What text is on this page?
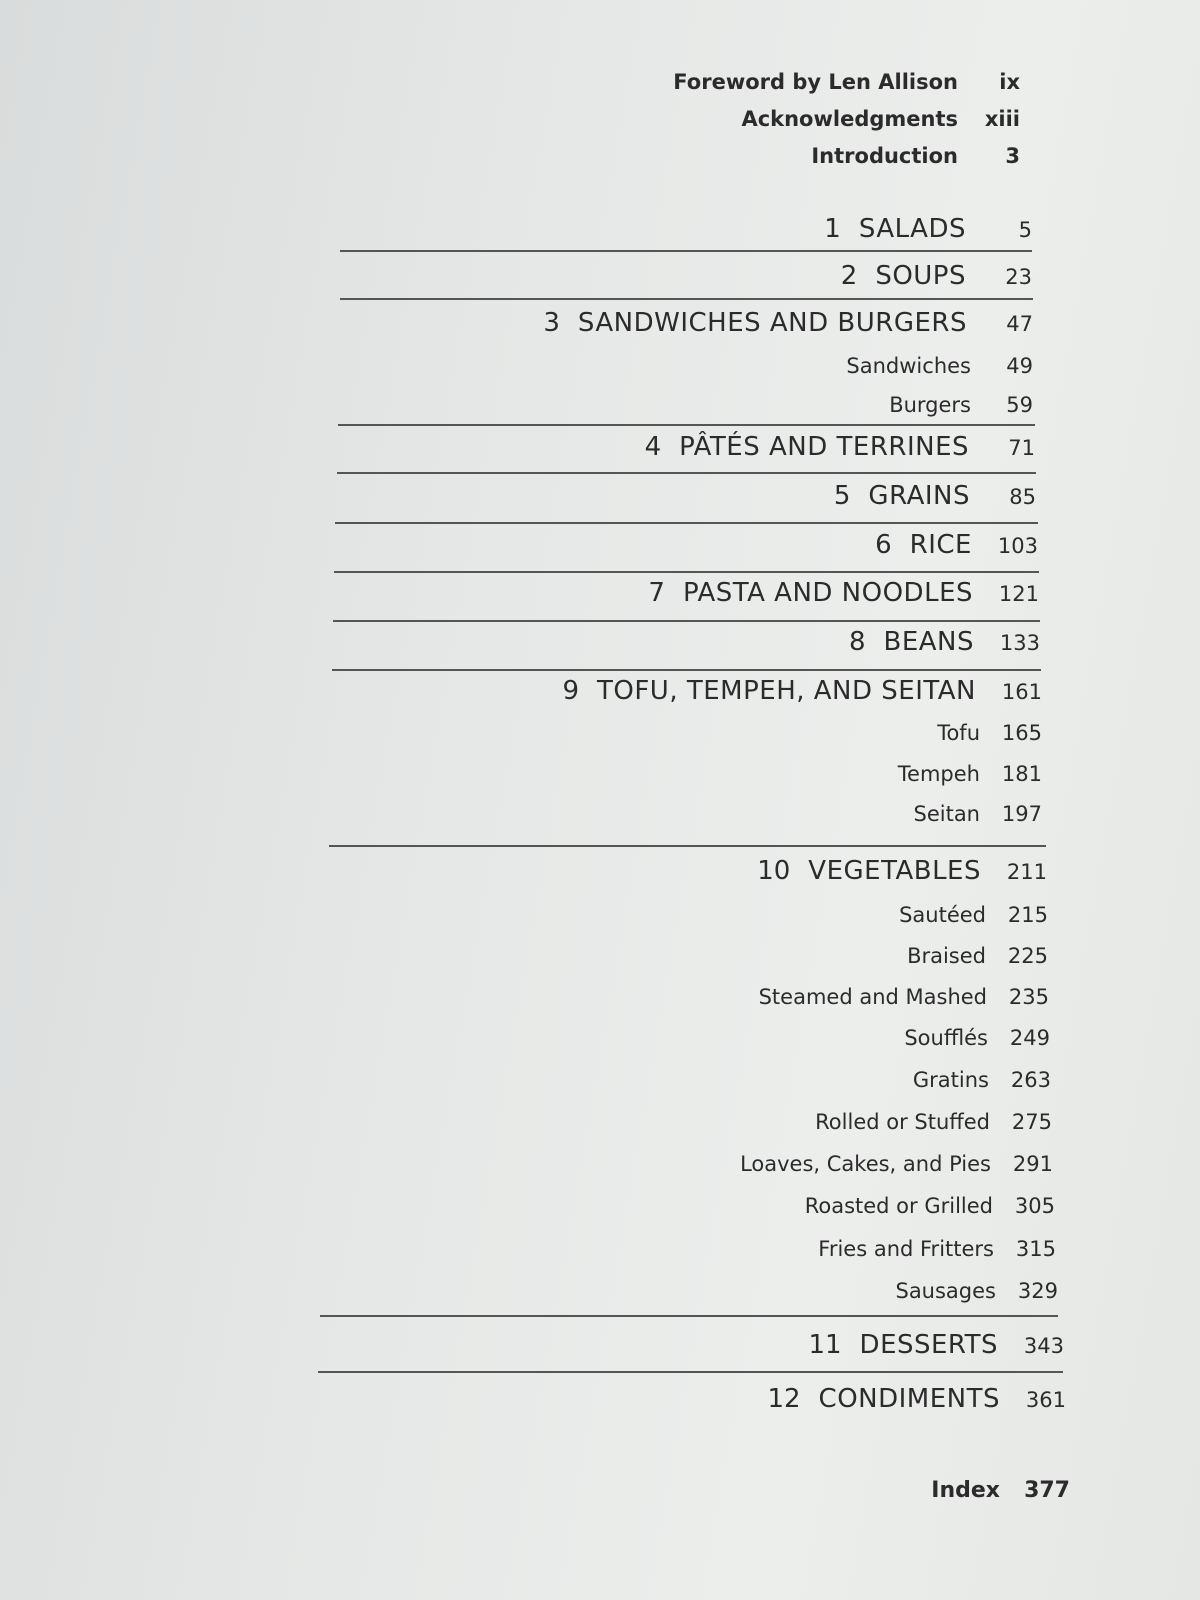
Foreword by Len Allison	ix
Acknowledgments xiii
Introduction	3
1 SALADS	5
2 SOUPS	23
3 SANDWICHES AND BURGERS	47
Sandwiches	49
Burgers	59
4 PÂTÉS AND TERRINES	71
5 GRAINS	85
6 RICE	103
7 PASTA AND NOODLES	121
8 BEANS	133
9 TOFU, TEMPEH, AND SEITAN	161
Tofu	165
Tempeh	181
Seitan	197
10 VEGETABLES	211
Sautéed	215
Braised	225
Steamed and Mashed	235
Soufflés	249
Gratins	263
Rolled or Stuffed	275
Loaves, Cakes, and Pies	291
Roasted or Grilled	305
Fries and Fritters	315
Sausages	329
11 DESSERTS	343
12 CONDIMENTS	361
Index	377
